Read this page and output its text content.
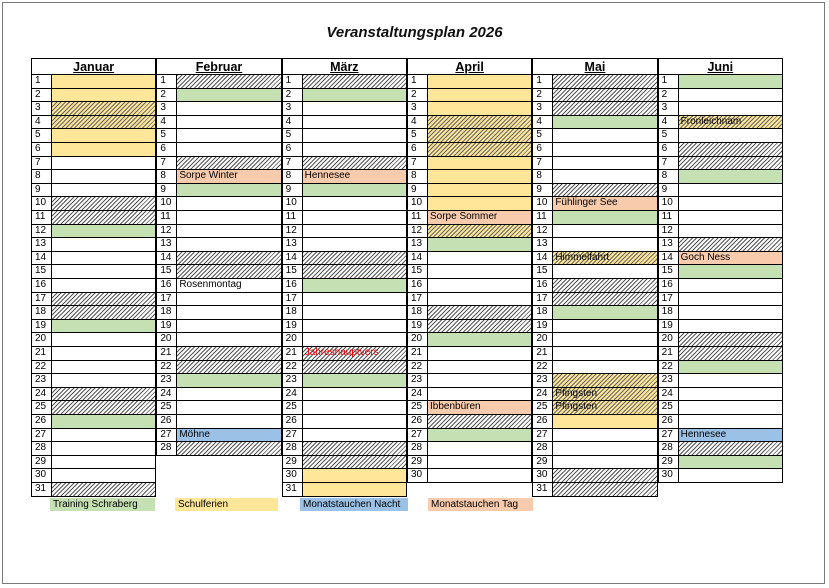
Veranstaltungsplan 2026
Januar
1
2
3
4
5
6
7
8
9
10
11
12
13
14
15
16
17
18
19
20
21
22
23
24
25
26
27
28
29
30
31
Februar
1
2
3
4
5
6
7
8	Sorpe Winter
9
10
11
12
13
14
15
16 Rosenmontag
17
18
19
20
21
22
23
24
25
26
27 Möhne
28
März
1
2
3
4
5
6
7
8	Hennesee
9
10
11
12
13
14
15
16
17
18
19
20
21 Jahreshauptvers
22
23
24
25
26
27
28
29
30
31
April
1
2
3
4
5
6
7
8
9
10
11 Sorpe Sommer
12
13
14
15
16
17
18
19
20
21
22
23
24
25 Ibbenbüren
26
27
28
29
30
Mai
1
2
3
4
5
6
7
8
9
10 Fühlinger See
11
12
13
14 Himmelfahrt
15
16
17
18
19
20
21
22
23
24 Pfingsten
25 Pfingsten
26
27
28
29
30
31
Juni
1
2
3
4	Fronleichnam
5
6
7
8
9
10
11
12
13
14 Goch Ness
15
16
17
18
19
20
21
22
23
24
25
26
27 Hennesee
28
29
30
Training Schraberg	Schulferien	Monatstauchen Nacht	Monatstauchen Tag
